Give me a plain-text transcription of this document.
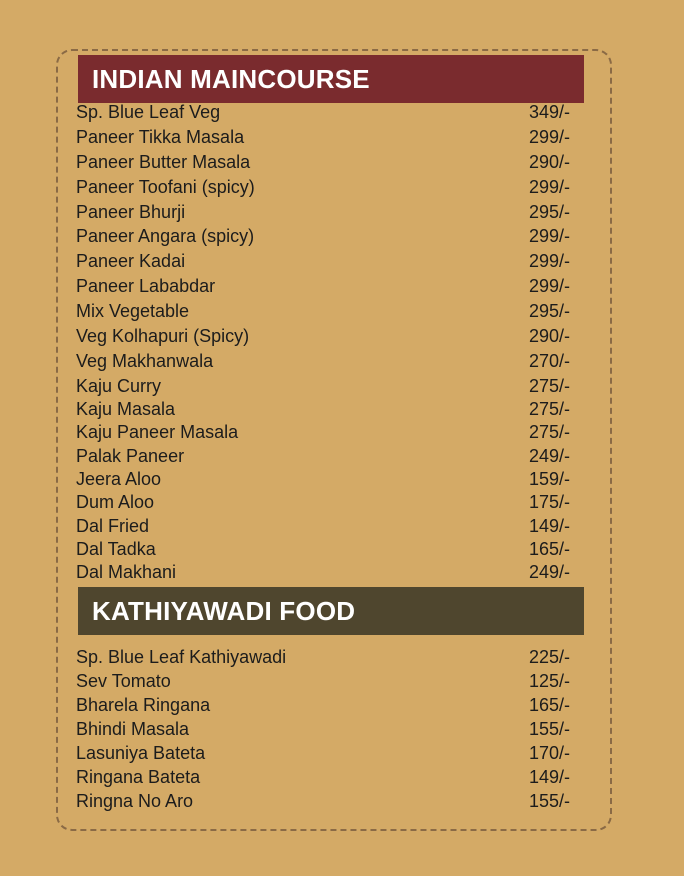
INDIAN MAINCOURSE
Sp. Blue Leaf Veg	349/-
Paneer Tikka Masala	299/-
Paneer Butter Masala	290/-
Paneer Toofani (spicy)	299/-
Paneer Bhurji	295/-
Paneer Angara (spicy)	299/-
Paneer Kadai	299/-
Paneer Lababdar	299/-
Mix Vegetable	295/-
Veg Kolhapuri (Spicy)	290/-
Veg Makhanwala	270/-
Kaju Curry	275/-
Kaju Masala	275/-
Kaju Paneer Masala	275/-
Palak Paneer	249/-
Jeera Aloo	159/-
Dum Aloo	175/-
Dal Fried	149/-
Dal Tadka	165/-
Dal Makhani	249/-
KATHIYAWADI FOOD
Sp. Blue Leaf Kathiyawadi	225/-
Sev Tomato	125/-
Bharela Ringana	165/-
Bhindi Masala	155/-
Lasuniya Bateta	170/-
Ringana Bateta	149/-
Ringna No Aro	155/-
